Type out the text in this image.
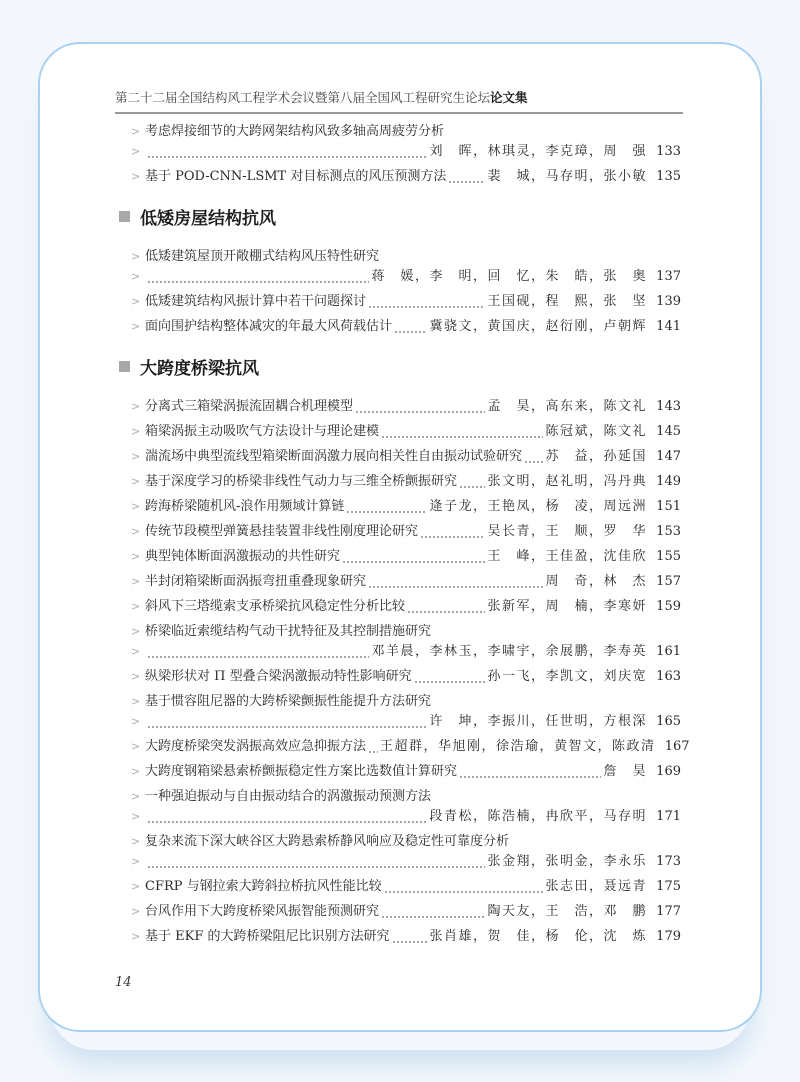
第二十二届全国结构风工程学术会议暨第八届全国风工程研究生论坛论文集
> 考虑焊接细节的大跨网架结构风致多轴高周疲劳分析
>	刘　晖，林琪灵，李克璋，周　强 133
> 基于 POD-CNN-LSMT 对目标测点的风压预测方法	裴　城，马存明，张小敏 135
低矮房屋结构抗风
> 低矮建筑屋顶开敞棚式结构风压特性研究
>	蒋　媛，李　明，回　忆，朱　皓，张　奥 137
> 低矮建筑结构风振计算中若干问题探讨	王国砚，程　熙，张　坚 139
> 面向围护结构整体减灾的年最大风荷载估计	冀骁文，黄国庆，赵衍刚，卢朝辉 141
大跨度桥梁抗风
> 分离式三箱梁涡振流固耦合机理模型	孟　昊，高东来，陈文礼 143
> 箱梁涡振主动吸吹气方法设计与理论建模	陈冠斌，陈文礼 145
> 湍流场中典型流线型箱梁断面涡激力展向相关性自由振动试验研究 苏　益，孙延国 147
> 基于深度学习的桥梁非线性气动力与三维全桥颤振研究 张文明，赵礼明，冯丹典 149
> 跨海桥梁随机风-浪作用频域计算链	逄子龙，王艳凤，杨　凌，周远洲 151
> 传统节段模型弹簧悬挂装置非线性刚度理论研究	吴长青，王　顺，罗　华 153
> 典型钝体断面涡激振动的共性研究	王　峰，王佳盈，沈佳欣 155
> 半封闭箱梁断面涡振弯扭重叠现象研究	周　奇，林　杰 157
> 斜风下三塔缆索支承桥梁抗风稳定性分析比较	张新军，周　楠，李寒妍 159
> 桥梁临近索缆结构气动干扰特征及其控制措施研究
>	邓羊晨，李林玉，李啸宇，余展鹏，李寿英 161
> 纵梁形状对 Π 型叠合梁涡激振动特性影响研究	孙一飞，李凯文，刘庆宽 163
> 基于惯容阻尼器的大跨桥梁颤振性能提升方法研究
>	许　坤，李振川，任世明，方根深 165
> 大跨度桥梁突发涡振高效应急抑振方法 王超群，华旭刚，徐浩瑜，黄智文，陈政清 167
> 大跨度钢箱梁悬索桥颤振稳定性方案比选数值计算研究	詹　昊 169
> 一种强迫振动与自由振动结合的涡激振动预测方法
>	段青松，陈浩楠，冉欣平，马存明 171
> 复杂来流下深大峡谷区大跨悬索桥静风响应及稳定性可靠度分析
>	张金翔，张明金，李永乐 173
> CFRP 与钢拉索大跨斜拉桥抗风性能比较	张志田，聂远青 175
> 台风作用下大跨度桥梁风振智能预测研究	陶天友，王　浩，邓　鹏 177
> 基于 EKF 的大跨桥梁阻尼比识别方法研究	张肖雄，贺　佳，杨　伦，沈　炼 179
14
